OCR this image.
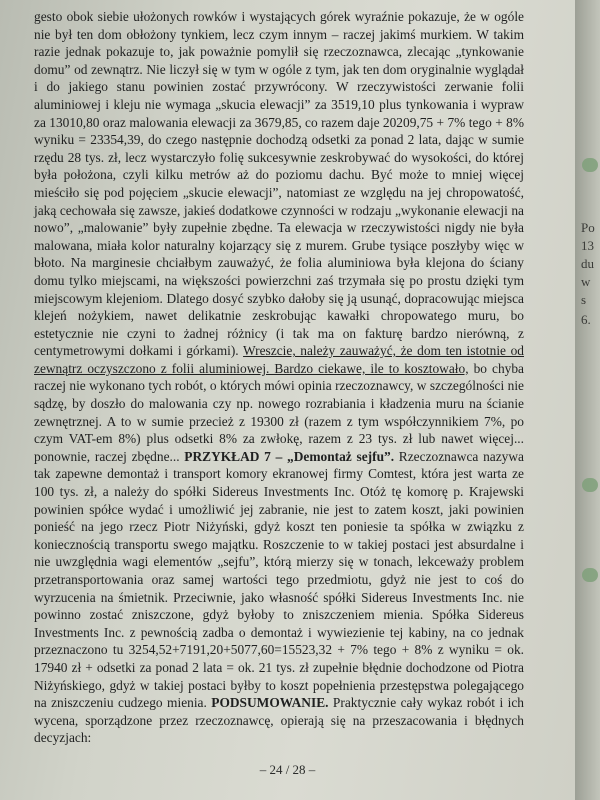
gesto obok siebie ułożonych rowków i wystających górek wyraźnie pokazuje, że w ogóle nie był ten dom obłożony tynkiem, lecz czym innym – raczej jakimś murkiem. W takim razie jednak pokazuje to, jak poważnie pomylił się rzeczoznawca, zlecając „tynkowanie domu” od zewnątrz. Nie liczył się w tym w ogóle z tym, jak ten dom oryginalnie wyglądał i do jakiego stanu powinien zostać przywrócony. W rzeczywistości zerwanie folii aluminiowej i kleju nie wymaga „skucia elewacji” za 3519,10 plus tynkowania i wypraw za 13010,80 oraz malowania elewacji za 3679,85, co razem daje 20209,75 + 7% tego + 8% wyniku = 23354,39, do czego następnie dochodzą odsetki za ponad 2 lata, dając w sumie rzędu 28 tys. zł, lecz wystarczyło folię sukcesywnie zeskrobywać do wysokości, do której była położona, czyli kilku metrów aż do poziomu dachu. Być może to mniej więcej mieściło się pod pojęciem „skucie elewacji”, natomiast ze względu na jej chropowatość, jaką cechowała się zawsze, jakieś dodatkowe czynności w rodzaju „wykonanie elewacji na nowo”, „malowanie” były zupełnie zbędne. Ta elewacja w rzeczywistości nigdy nie była malowana, miała kolor naturalny kojarzący się z murem. Grube tysiące poszłyby więc w błoto. Na marginesie chciałbym zauważyć, że folia aluminiowa była klejona do ściany domu tylko miejscami, na większości powierzchni zaś trzymała się po prostu dzięki tym miejscowym klejeniom. Dlatego dosyć szybko dałoby się ją usunąć, dopracowując miejsca klejeń nożykiem, nawet delikatnie zeskrobując kawałki chropowatego muru, bo estetycznie nie czyni to żadnej różnicy (i tak ma on fakturę bardzo nierówną, z centymetrowymi dołkami i górkami). Wreszcie, należy zauważyć, że dom ten istotnie od zewnątrz oczyszczono z folii aluminiowej. Bardzo ciekawe, ile to kosztowało, bo chyba raczej nie wykonano tych robót, o których mówi opinia rzeczoznawcy, w szczególności nie sądzę, by doszło do malowania czy np. nowego rozrabiania i kładzenia muru na ścianie zewnętrznej. A to w sumie przecież z 19300 zł (razem z tym współczynnikiem 7%, po czym VAT-em 8%) plus odsetki 8% za zwłokę, razem z 23 tys. zł lub nawet więcej... ponownie, raczej zbędne... PRZYKŁAD 7 – „Demontaż sejfu”. Rzeczoznawca nazywa tak zapewne demontaż i transport komory ekranowej firmy Comtest, która jest warta ze 100 tys. zł, a należy do spółki Sidereus Investments Inc. Otóż tę komorę p. Krajewski powinien spółce wydać i umożliwić jej zabranie, nie jest to zatem koszt, jaki powinien ponieść na jego rzecz Piotr Niżyński, gdyż koszt ten poniesie ta spółka w związku z koniecznością transportu swego majątku. Roszczenie to w takiej postaci jest absurdalne i nie uwzględnia wagi elementów „sejfu”, którą mierzy się w tonach, lekceważy problem przetransportowania oraz samej wartości tego przedmiotu, gdyż nie jest to coś do wyrzucenia na śmietnik. Przeciwnie, jako własność spółki Sidereus Investments Inc. nie powinno zostać zniszczone, gdyż byłoby to zniszczeniem mienia. Spółka Sidereus Investments Inc. z pewnością zadba o demontaż i wywiezienie tej kabiny, na co jednak przeznaczono tu 3254,52+7191,20+5077,60=15523,32 + 7% tego + 8% z wyniku = ok. 17940 zł + odsetki za ponad 2 lata = ok. 21 tys. zł zupełnie błędnie dochodzone od Piotra Niżyńskiego, gdyż w takiej postaci byłby to koszt popełnienia przestępstwa polegającego na zniszczeniu cudzego mienia. PODSUMOWANIE. Praktycznie cały wykaz robót i ich wycena, sporządzone przez rzeczoznawcę, opierają się na przeszacowania i błędnych decyzjach:

– 24 / 28 –
Po
13
du
w
s
6.
